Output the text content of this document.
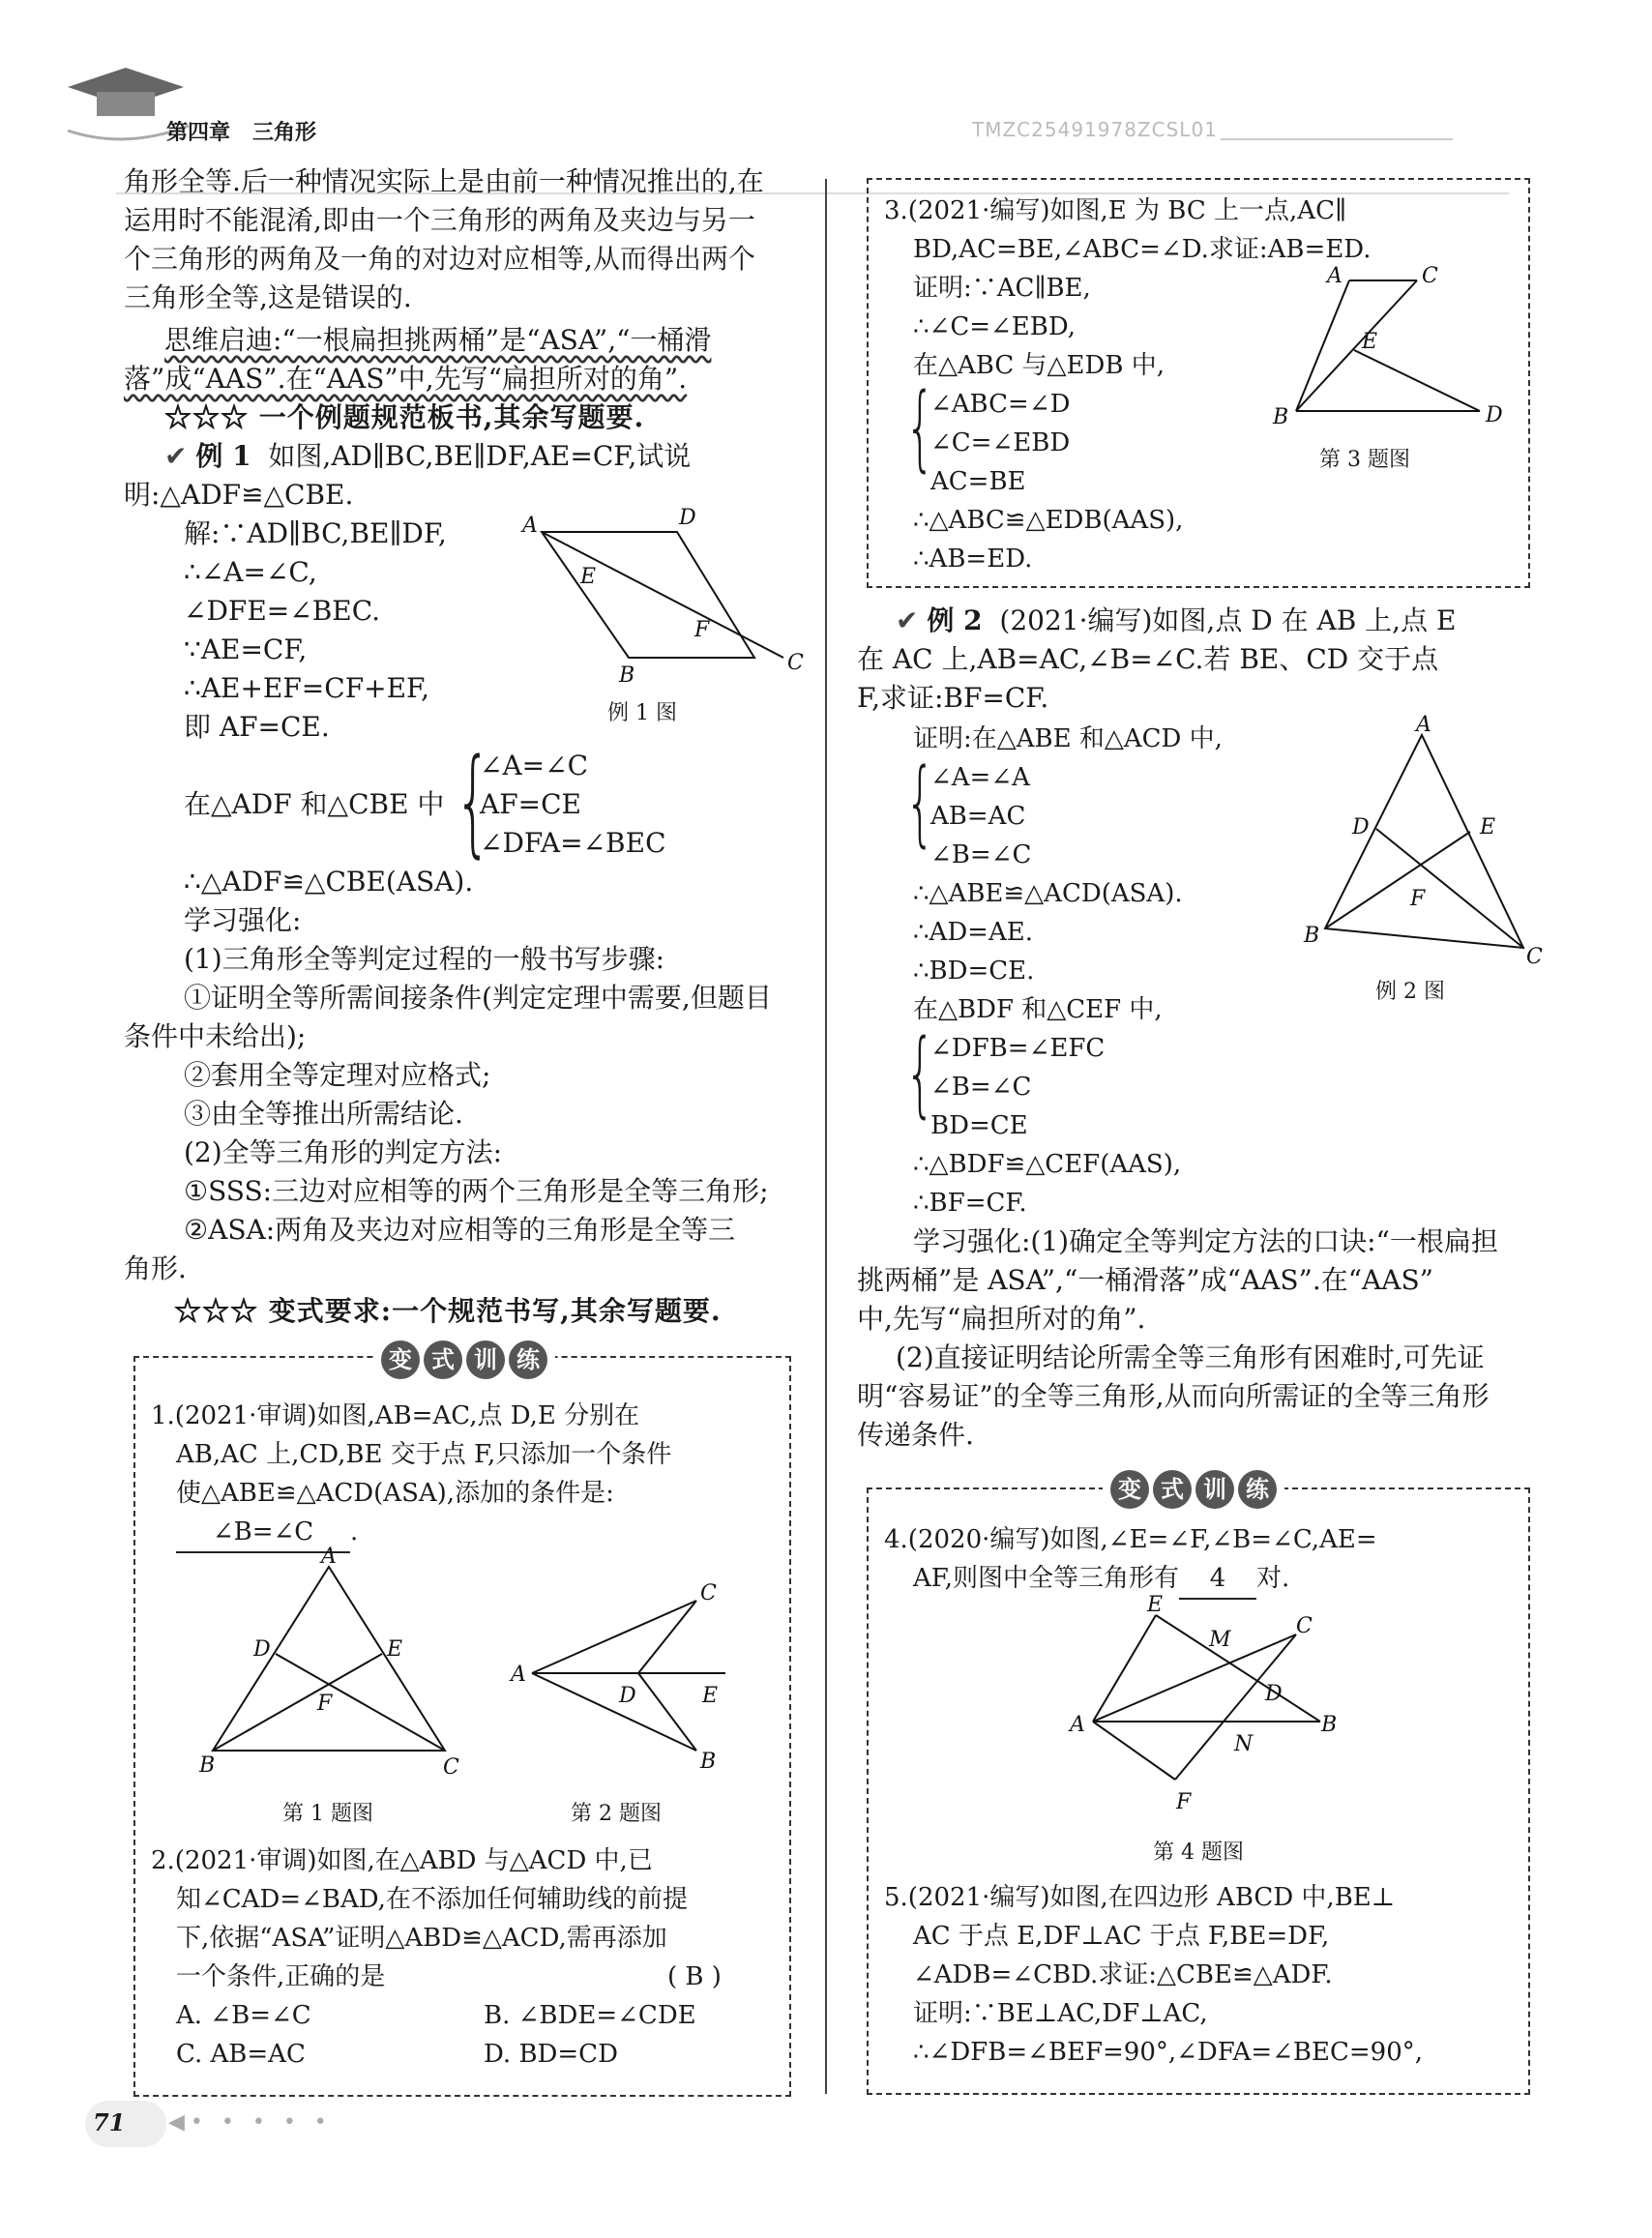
第四章 三角形	TMZC25491978ZCSL01
角形全等.后一种情况实际上是由前一种情况推出的,在
运用时不能混淆,即由一个三角形的两角及夹边与另一
个三角形的两角及一角的对边对应相等,从而得出两个
三角形全等,这是错误的.
思维启迪:“一根扁担挑两桶”是“ASA”,“一桶滑
落”成“AAS”.在“AAS”中,先写“扁担所对的角”.
☆☆☆ 一个例题规范板书,其余写题要.
✔ 例 1 如图,AD∥BC,BE∥DF,AE=CF,试说
明:△ADF≌△CBE.
解:∵AD∥BC,BE∥DF,
∴∠A=∠C,
∠DFE=∠BEC.
∵AE=CF,
∴AE+EF=CF+EF,
即 AF=CE.
A	D
E
F
B
C
例 1 图
在△ADF 和△CBE 中 {
∠A=∠C
AF=CE
∠DFA=∠BEC
∴△ADF≌△CBE(ASA).
学习强化:
(1)三角形全等判定过程的一般书写步骤:
①证明全等所需间接条件(判定定理中需要,但题目
条件中未给出);
②套用全等定理对应格式;
③由全等推出所需结论.
(2)全等三角形的判定方法:
①SSS:三边对应相等的两个三角形是全等三角形;
②ASA:两角及夹边对应相等的三角形是全等三
角形.
☆☆☆ 变式要求:一个规范书写,其余写题要.
变 式 训 练
1.(2021·审调)如图,AB=AC,点 D,E 分别在
AB,AC 上,CD,BE 交于点 F,只添加一个条件
使△ABE≌△ACD(ASA),添加的条件是:
∠B=∠C .
A
D	E
F
B	C
第 1 题图
A
C
D	E
B
第 2 题图
2.(2021·审调)如图,在△ABD 与△ACD 中,已
知∠CAD=∠BAD,在不添加任何辅助线的前提
下,依据“ASA”证明△ABD≌△ACD,需再添加
一个条件,正确的是	( B )
A. ∠B=∠C	B. ∠BDE=∠CDE
C. AB=AC	D. BD=CD
3.(2021·编写)如图,E 为 BC 上一点,AC∥
BD,AC=BE,∠ABC=∠D.求证:AB=ED.
证明:∵AC∥BE,
∴∠C=∠EBD,
在△ABC 与△EDB 中,
{
∠ABC=∠D
∠C=∠EBD
AC=BE
∴△ABC≌△EDB(AAS),
∴AB=ED.
A	C
E
B	D
第 3 题图
✔ 例 2 (2021·编写)如图,点 D 在 AB 上,点 E
在 AC 上,AB=AC,∠B=∠C.若 BE、CD 交于点
F,求证:BF=CF.
证明:在△ABE 和△ACD 中,
{
∠A=∠A
AB=AC
∠B=∠C
∴△ABE≌△ACD(ASA).
∴AD=AE.
∴BD=CE.
在△BDF 和△CEF 中,
{
∠DFB=∠EFC
∠B=∠C
BD=CE
∴△BDF≌△CEF(AAS),
∴BF=CF.
A
D	E
F
B
C
例 2 图
学习强化:(1)确定全等判定方法的口诀:“一根扁担
挑两桶”是 ASA”,“一桶滑落”成“AAS”.在“AAS”
中,先写“扁担所对的角”.
(2)直接证明结论所需全等三角形有困难时,可先证
明“容易证”的全等三角形,从而向所需证的全等三角形
传递条件.
变 式 训 练
4.(2020·编写)如图,∠E=∠F,∠B=∠C,AE=
AF,则图中全等三角形有 4 对.
E
M
C
D
A	B
N
F
第 4 题图
5.(2021·编写)如图,在四边形 ABCD 中,BE⊥
AC 于点 E,DF⊥AC 于点 F,BE=DF,
∠ADB=∠CBD.求证:△CBE≌△ADF.
证明:∵BE⊥AC,DF⊥AC,
∴∠DFB=∠BEF=90°,∠DFA=∠BEC=90°,
71 ◀• • • • •
